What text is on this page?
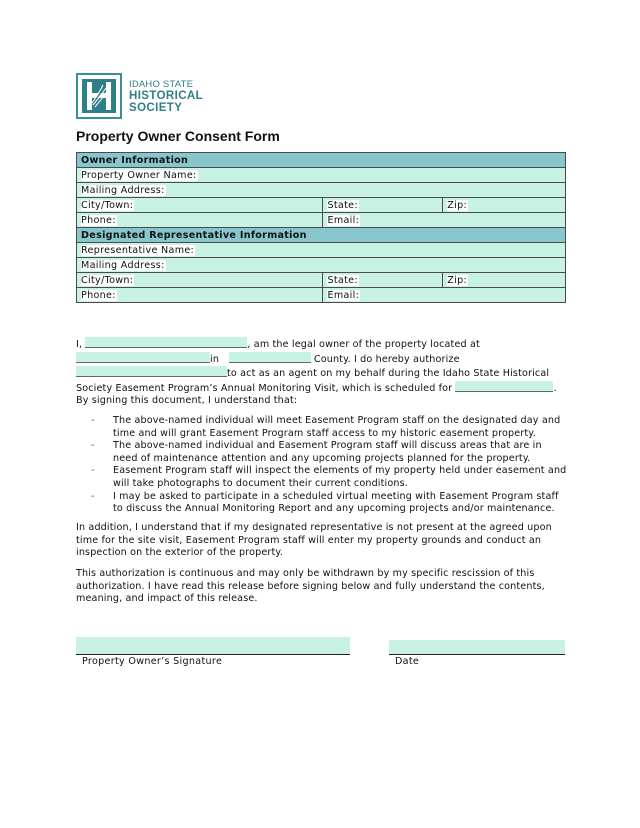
IDAHO STATE
HISTORICAL
SOCIETY
Property Owner Consent Form
Owner Information		
Property Owner Name:		
Mailing Address:		
City/Town:	State:	Zip:
Phone:	Email:	
Designated Representative Information		
Representative Name:		
Mailing Address:		
City/Town:	State:	Zip:
Phone:	Email:	
I,	, am the legal owner of the property located at
in	County. I do hereby authorize
to act as an agent on my behalf during the Idaho State Historical
Society Easement Program’s Annual Monitoring Visit, which is scheduled for	.
By signing this document, I understand that:

- The above-named individual will meet Easement Program staff on the designated day and time and will grant Easement Program staff access to my historic easement property.

- The above-named individual and Easement Program staff will discuss areas that are in need of maintenance attention and any upcoming projects planned for the property.

- Easement Program staff will inspect the elements of my property held under easement and will take photographs to document their current conditions.

- I may be asked to participate in a scheduled virtual meeting with Easement Program staff to discuss the Annual Monitoring Report and any upcoming projects and/or maintenance.

In addition, I understand that if my designated representative is not present at the agreed upon time for the site visit, Easement Program staff will enter my property grounds and conduct an inspection on the exterior of the property.
This authorization is continuous and may only be withdrawn by my specific rescission of this authorization. I have read this release before signing below and fully understand the contents, meaning, and impact of this release.
Property Owner’s Signature	Date
